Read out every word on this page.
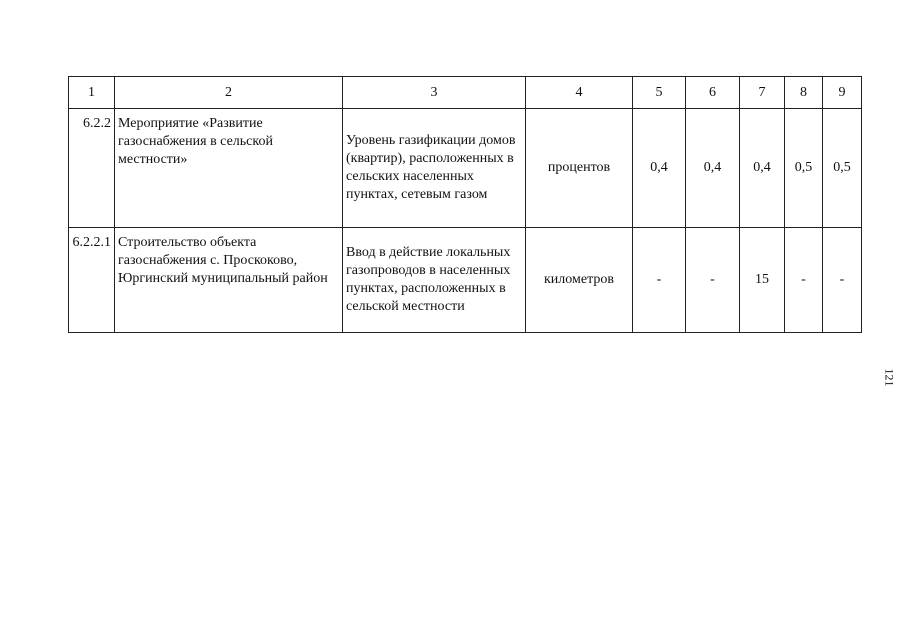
1	2	3	4	5	6	7	8	9
6.2.2	Мероприятие «Развитие газоснабжения в сельской местности»	Уровень газификации домов (квартир), расположенных в сельских населенных пунктах, сетевым газом	процентов	0,4	0,4	0,4	0,5	0,5
6.2.2.1	Строительство объекта газоснабжения с. Проскоково, Юргинский муниципальный район	Ввод в действие локальных газопроводов в населенных пунктах, расположенных в сельской местности	километров	-	-	15	-	-
121
